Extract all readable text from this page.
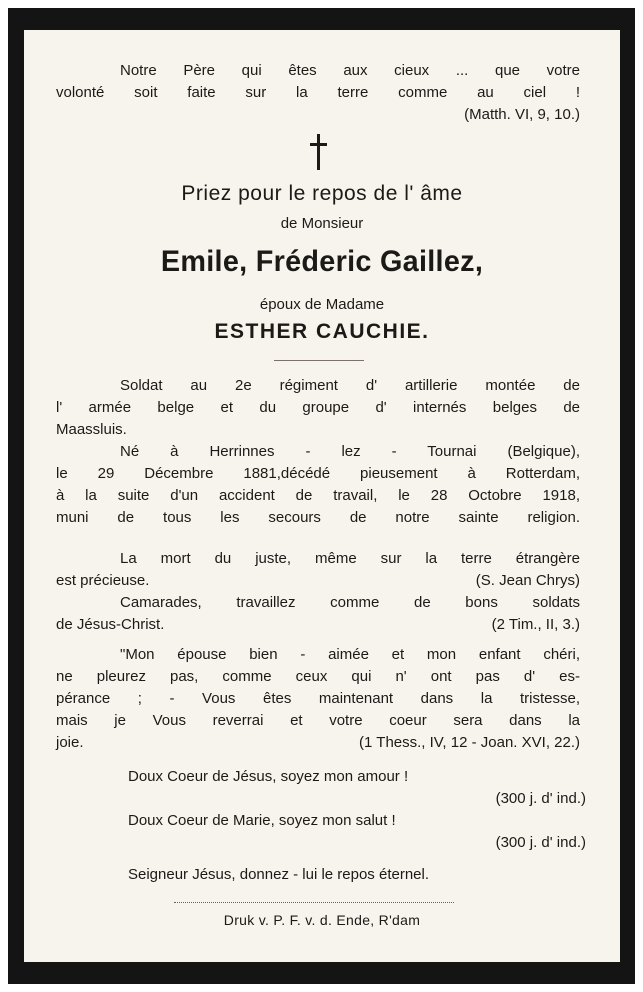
Notre Père qui êtes aux cieux ... que votre
volonté soit faite sur la terre comme au ciel !
(Matth. VI, 9, 10.)
Priez pour le repos de l' âme
de Monsieur
Emile, Fréderic Gaillez,
époux de Madame
ESTHER CAUCHIE.
Soldat au 2e régiment d' artillerie montée de
l' armée belge et du groupe d' internés belges de
Maassluis.
Né à Herrinnes - lez - Tournai (Belgique),
le 29 Décembre 1881,décédé pieusement à Rotterdam,
à la suite d'un accident de travail, le 28 Octobre 1918,
muni de tous les secours de notre sainte religion.
La mort du juste, même sur la terre étrangère
est précieuse.	(S. Jean Chrys)
Camarades, travaillez comme de bons soldats
de Jésus-Christ.	(2 Tim., II, 3.)
"Mon épouse bien - aimée et mon enfant chéri,
ne pleurez pas, comme ceux qui n' ont pas d' es-
pérance ; - Vous êtes maintenant dans la tristesse,
mais je Vous reverrai et votre coeur sera dans la
joie.	(1 Thess., IV, 12 - Joan. XVI, 22.)
Doux Coeur de Jésus, soyez mon amour !
(300 j. d' ind.)
Doux Coeur de Marie, soyez mon salut !
(300 j. d' ind.)
Seigneur Jésus, donnez - lui le repos éternel.
Druk v. P. F. v. d. Ende, R'dam
